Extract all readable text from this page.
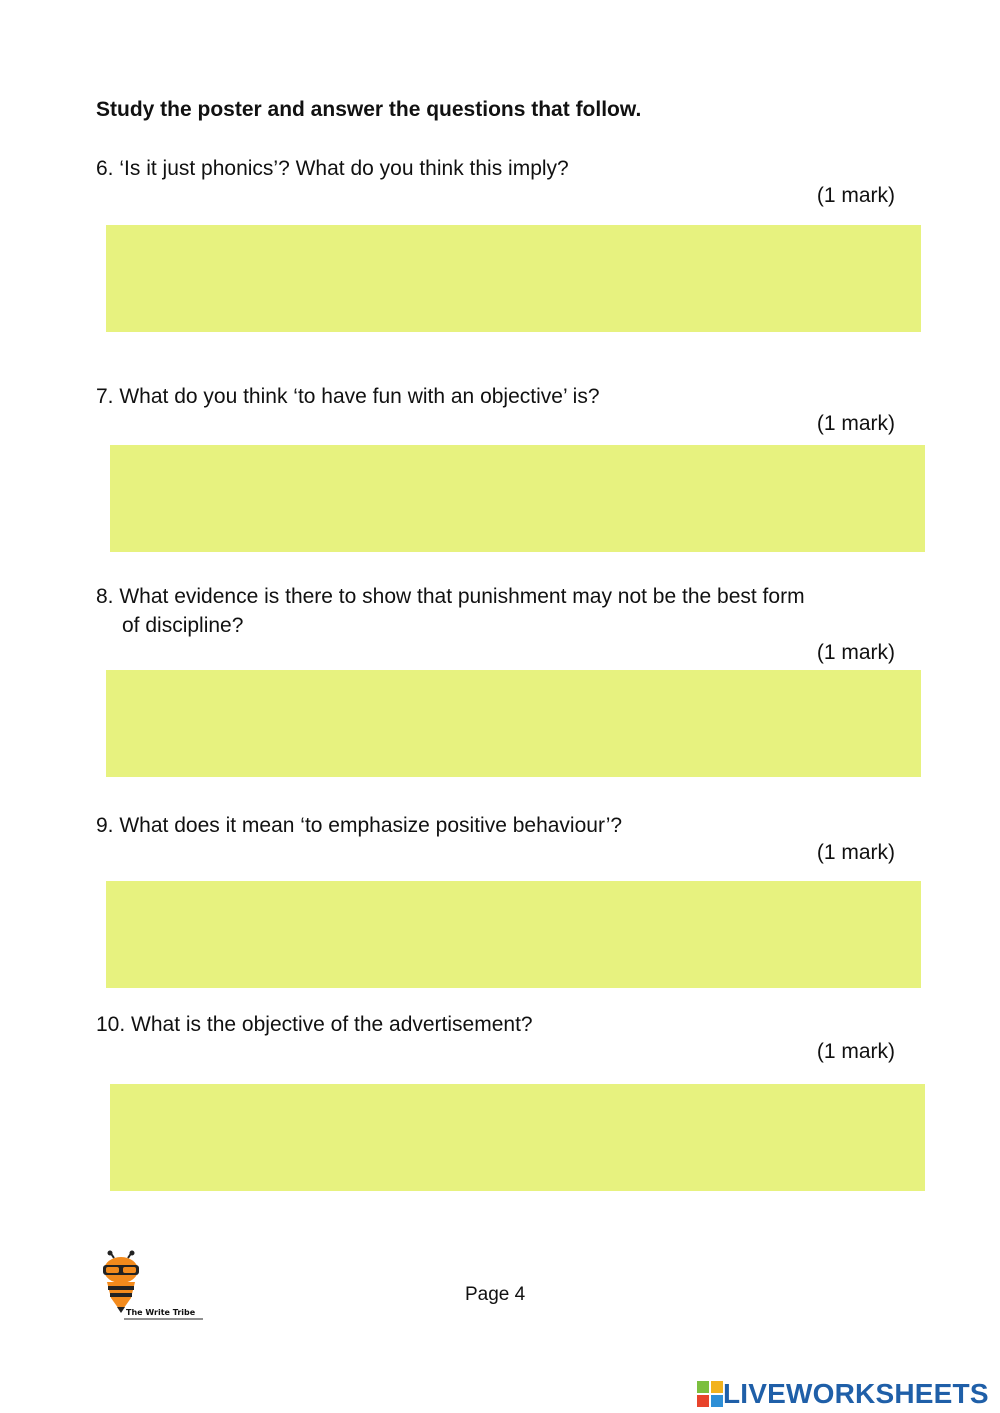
Study the poster and answer the questions that follow.
6. ‘Is it just phonics’? What do you think this imply?
(1 mark)
7. What do you think ‘to have fun with an objective’ is?
(1 mark)
8. What evidence is there to show that punishment may not be the best form
of discipline?
(1 mark)
9. What does it mean ‘to emphasize positive behaviour’?
(1 mark)
10. What is the objective of the advertisement?
(1 mark)
The Write Tribe
Page 4
LIVEWORKSHEETS
